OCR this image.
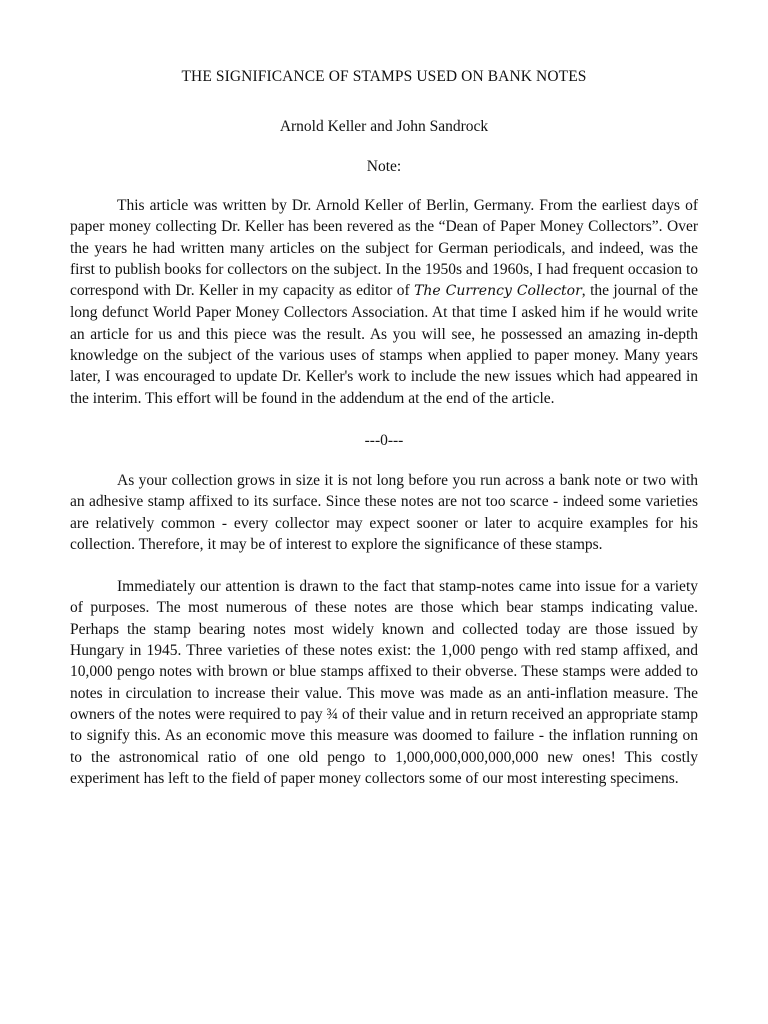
THE SIGNIFICANCE OF STAMPS USED ON BANK NOTES
Arnold Keller and John Sandrock
Note:

This article was written by Dr. Arnold Keller of Berlin, Germany. From the earliest days of paper money collecting Dr. Keller has been revered as the “Dean of Paper Money Collectors”. Over the years he had written many articles on the subject for German periodicals, and indeed, was the first to publish books for collectors on the subject. In the 1950s and 1960s, I had frequent occasion to correspond with Dr. Keller in my capacity as editor of The Currency Collector, the journal of the long defunct World Paper Money Collectors Association. At that time I asked him if he would write an article for us and this piece was the result. As you will see, he possessed an amazing in-depth knowledge on the subject of the various uses of stamps when applied to paper money. Many years later, I was encouraged to update Dr. Keller's work to include the new issues which had appeared in the interim. This effort will be found in the addendum at the end of the article.

---0---

As your collection grows in size it is not long before you run across a bank note or two with an adhesive stamp affixed to its surface. Since these notes are not too scarce - indeed some varieties are relatively common - every collector may expect sooner or later to acquire examples for his collection. Therefore, it may be of interest to explore the significance of these stamps.

Immediately our attention is drawn to the fact that stamp-notes came into issue for a variety of purposes. The most numerous of these notes are those which bear stamps indicating value. Perhaps the stamp bearing notes most widely known and collected today are those issued by Hungary in 1945. Three varieties of these notes exist: the 1,000 pengo with red stamp affixed, and 10,000 pengo notes with brown or blue stamps affixed to their obverse. These stamps were added to notes in circulation to increase their value. This move was made as an anti-inflation measure. The owners of the notes were required to pay ¾ of their value and in return received an appropriate stamp to signify this. As an economic move this measure was doomed to failure - the inflation running on to the astronomical ratio of one old pengo to 1,000,000,000,000,000 new ones! This costly experiment has left to the field of paper money collectors some of our most interesting specimens.
